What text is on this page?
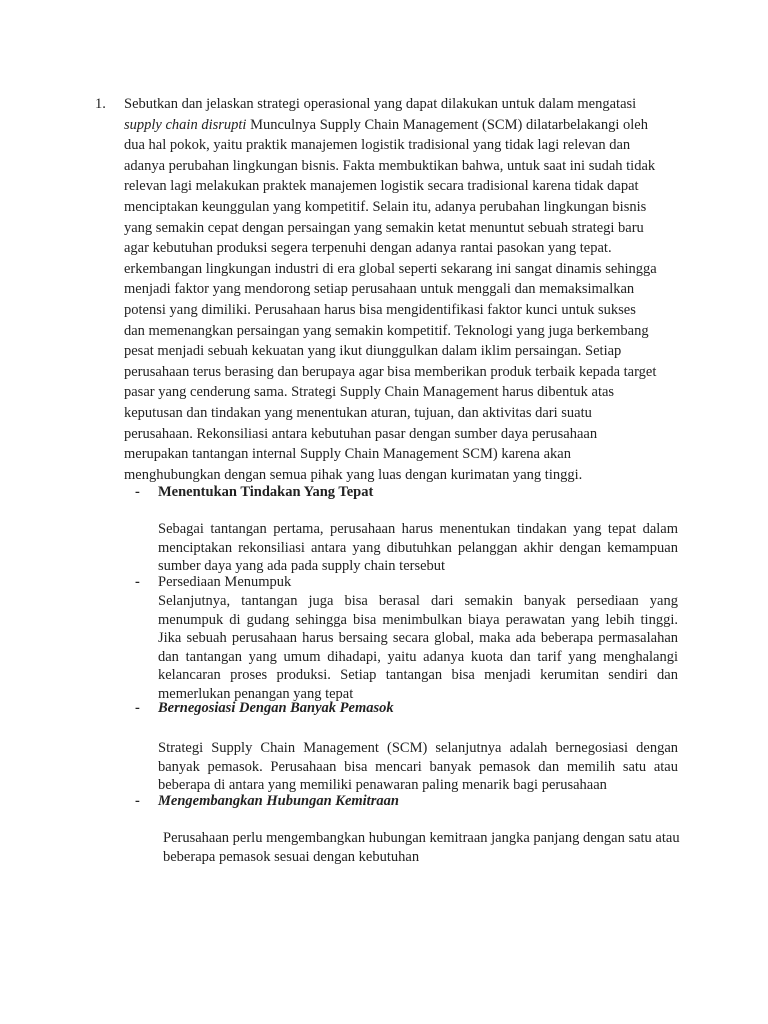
1. Sebutkan dan jelaskan strategi operasional yang dapat dilakukan untuk dalam mengatasi
supply chain disrupti Munculnya Supply Chain Management (SCM) dilatarbelakangi oleh dua hal pokok, yaitu praktik manajemen logistik tradisional yang tidak lagi relevan dan adanya perubahan lingkungan bisnis. Fakta membuktikan bahwa, untuk saat ini sudah tidak relevan lagi melakukan praktek manajemen logistik secara tradisional karena tidak dapat menciptakan keunggulan yang kompetitif. Selain itu, adanya perubahan lingkungan bisnis yang semakin cepat dengan persaingan yang semakin ketat menuntut sebuah strategi baru agar kebutuhan produksi segera terpenuhi dengan adanya rantai pasokan yang tepat. erkembangan lingkungan industri di era global seperti sekarang ini sangat dinamis sehingga menjadi faktor yang mendorong setiap perusahaan untuk menggali dan memaksimalkan potensi yang dimiliki. Perusahaan harus bisa mengidentifikasi faktor kunci untuk sukses dan memenangkan persaingan yang semakin kompetitif. Teknologi yang juga berkembang pesat menjadi sebuah kekuatan yang ikut diunggulkan dalam iklim persaingan. Setiap perusahaan terus berasing dan berupaya agar bisa memberikan produk terbaik kepada target pasar yang cenderung sama. Strategi Supply Chain Management harus dibentuk atas keputusan dan tindakan yang menentukan aturan, tujuan, dan aktivitas dari suatu perusahaan. Rekonsiliasi antara kebutuhan pasar dengan sumber daya perusahaan merupakan tantangan internal Supply Chain Management SCM) karena akan menghubungkan dengan semua pihak yang luas dengan kurimatan yang tinggi.

- Menentukan Tindakan Yang Tepat
Sebagai tantangan pertama, perusahaan harus menentukan tindakan yang tepat dalam menciptakan rekonsiliasi antara yang dibutuhkan pelanggan akhir dengan kemampuan sumber daya yang ada pada supply chain tersebut
- Persediaan Menumpuk
Selanjutnya, tantangan juga bisa berasal dari semakin banyak persediaan yang menumpuk di gudang sehingga bisa menimbulkan biaya perawatan yang lebih tinggi. Jika sebuah perusahaan harus bersaing secara global, maka ada beberapa permasalahan dan tantangan yang umum dihadapi, yaitu adanya kuota dan tarif yang menghalangi kelancaran proses produksi. Setiap tantangan bisa menjadi kerumitan sendiri dan memerlukan penangan yang tepat
- Bernegosiasi Dengan Banyak Pemasok
Strategi Supply Chain Management (SCM) selanjutnya adalah bernegosiasi dengan banyak pemasok. Perusahaan bisa mencari banyak pemasok dan memilih satu atau beberapa di antara yang memiliki penawaran paling menarik bagi perusahaan
- Mengembangkan Hubungan Kemitraan
Perusahaan perlu mengembangkan hubungan kemitraan jangka panjang dengan satu atau beberapa pemasok sesuai dengan kebutuhan
